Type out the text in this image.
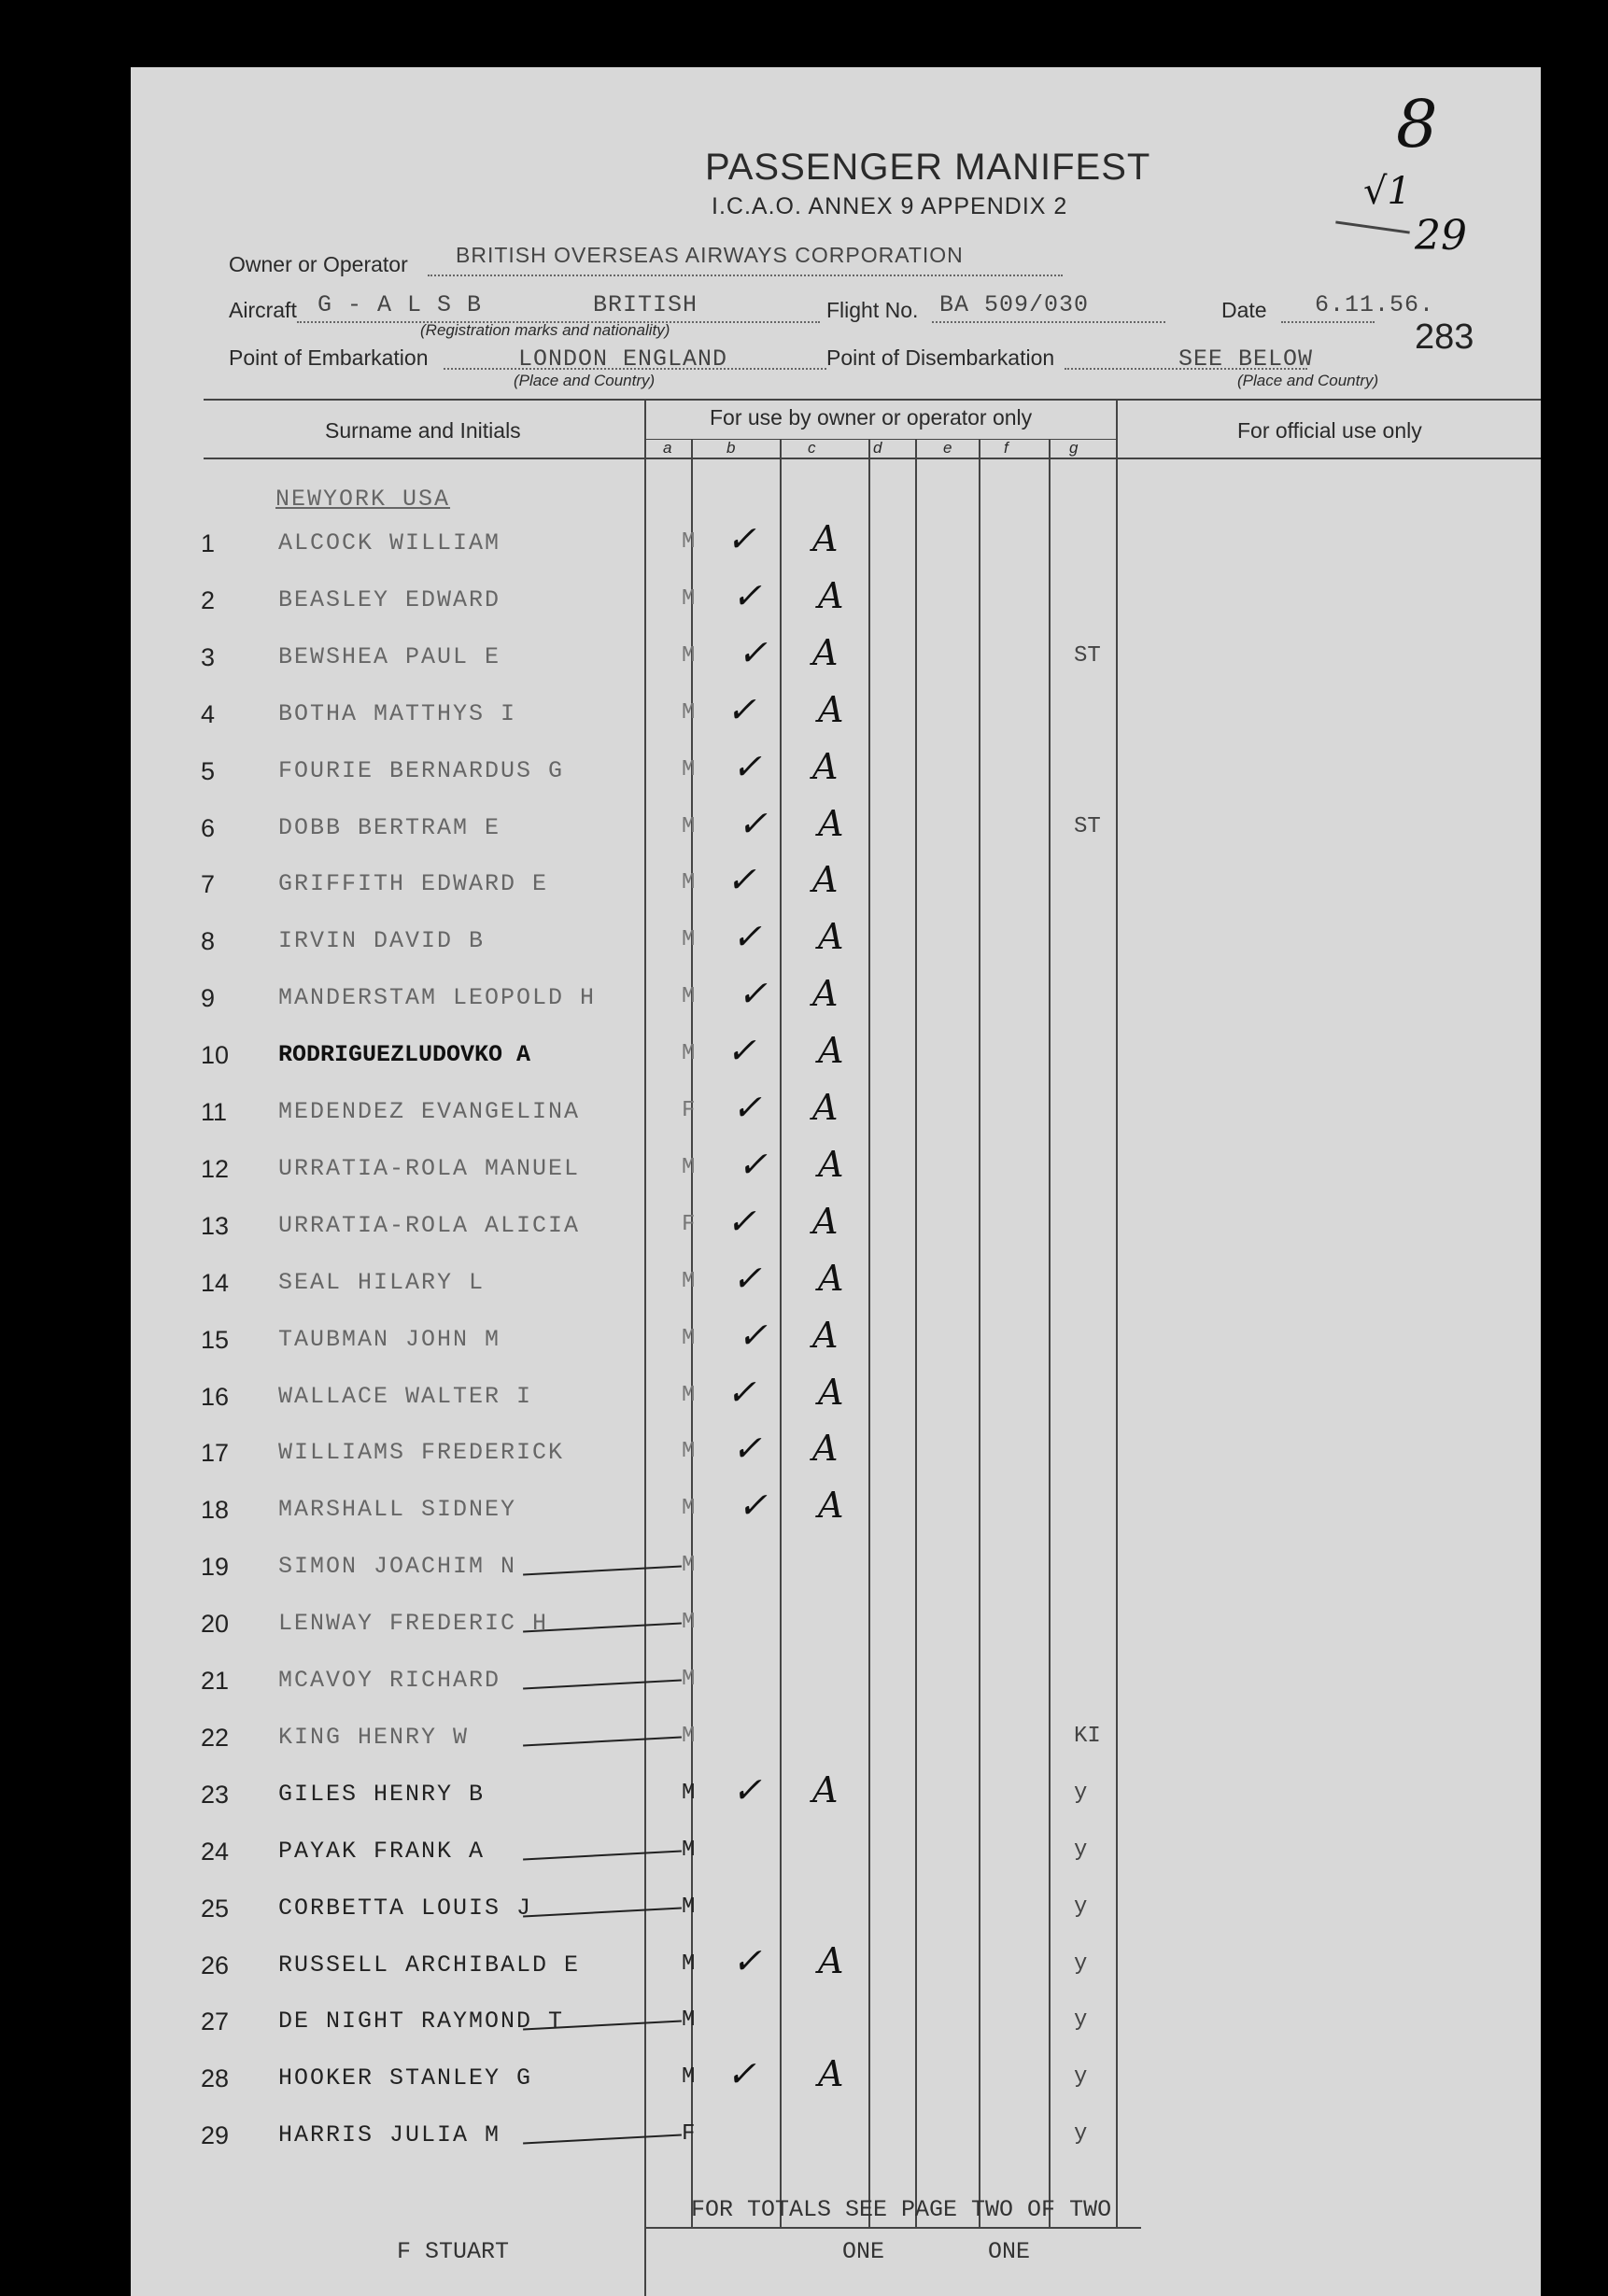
PASSENGER MANIFEST
I.C.A.O. ANNEX 9 APPENDIX 2
8
√1
29
Owner or Operator BRITISH OVERSEAS AIRWAYS CORPORATION
Aircraft G - A L S B	BRITISH
(Registration marks and nationality)
Flight No. BA 509/030	Date 6.11.56.
283
Point of Embarkation	LONDON ENGLAND
(Place and Country)
Point of Disembarkation	SEE BELOW
(Place and Country)
Surname and Initials
For use by owner or operator only
For official use only
a	b	c	d	e	f	g
NEWYORK USA
1	ALCOCK WILLIAM	M ✓ A
2	BEASLEY EDWARD	M ✓ A
3	BEWSHEA PAUL E	M ✓ A	ST
4	BOTHA MATTHYS I	M ✓ A
5	FOURIE BERNARDUS G	M ✓ A
6	DOBB BERTRAM E	M ✓ A	ST
7	GRIFFITH EDWARD E	M ✓ A
8	IRVIN DAVID B	M ✓ A
9	MANDERSTAM LEOPOLD H	M ✓ A
10 RODRIGUEZLUDOVKO A	M ✓ A
11 MEDENDEZ EVANGELINA	F ✓ A
12 URRATIA-ROLA MANUEL	M ✓ A
13 URRATIA-ROLA ALICIA	F ✓ A
14 SEAL HILARY L	M ✓ A
15 TAUBMAN JOHN M	M ✓ A
16 WALLACE WALTER I	M ✓ A
17 WILLIAMS FREDERICK	M ✓ A
18 MARSHALL SIDNEY	M ✓ A
19 SIMON JOACHIM N	M
20 LENWAY FREDERIC H	M
21 MCAVOY RICHARD	M
22 KING HENRY W	M	KI
23 GILES HENRY B	M ✓ A	y
24 PAYAK FRANK A	M	y
25 CORBETTA LOUIS J	M	y
26 RUSSELL ARCHIBALD E	M ✓ A	y
27 DE NIGHT RAYMOND T	M	y
28 HOOKER STANLEY G	M ✓ A	y
29 HARRIS JULIA M	F	y
FOR TOTALS SEE PAGE TWO OF TWO
F STUART	ONE	ONE
